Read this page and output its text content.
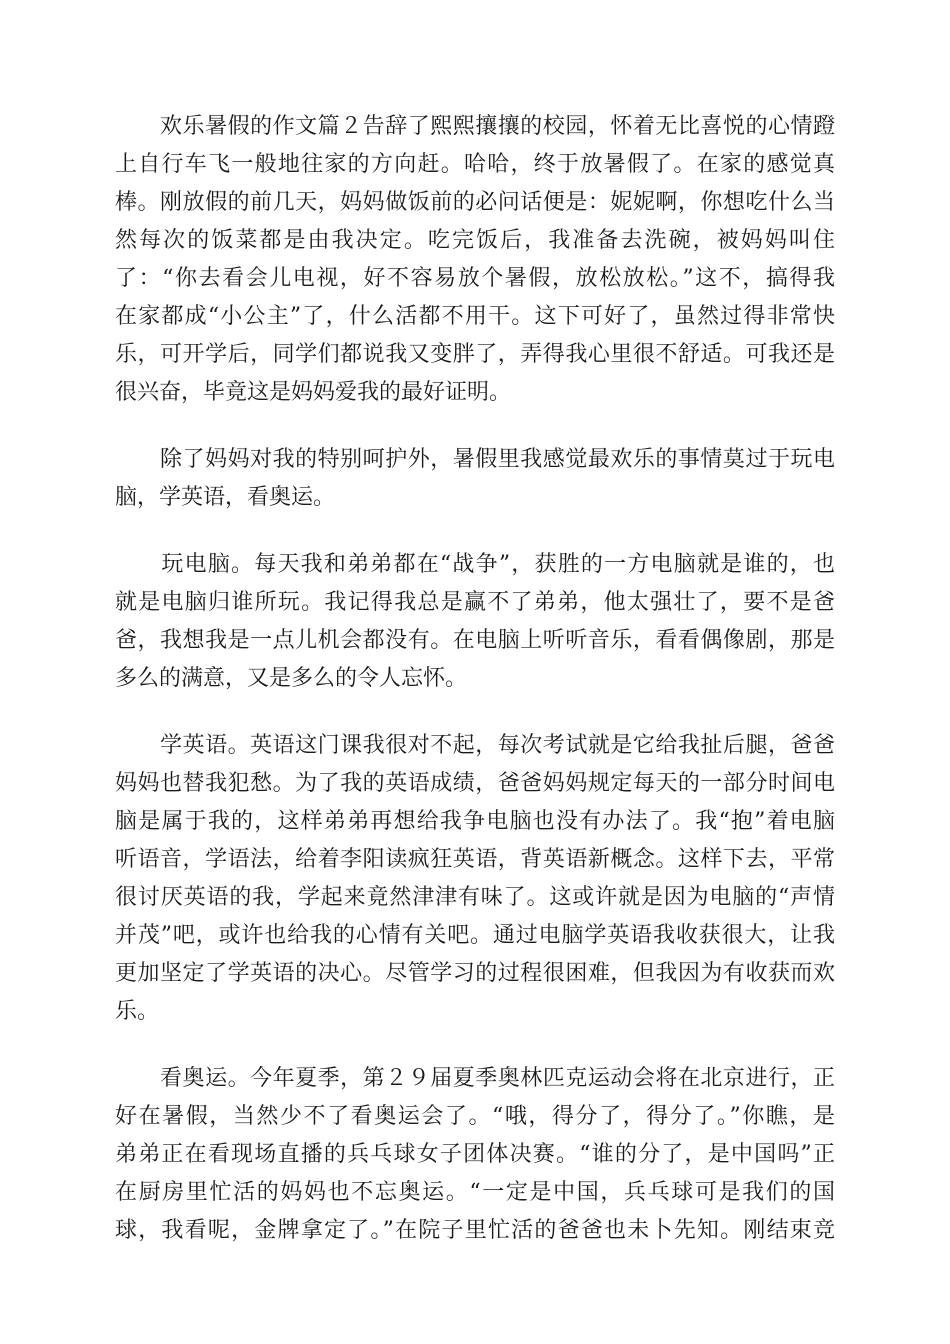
　　欢乐暑假的作文篇２告辞了熙熙攘攘的校园，怀着无比喜悦的心情蹬
上自行车飞一般地往家的方向赶。哈哈，终于放暑假了。在家的感觉真
棒。刚放假的前几天，妈妈做饭前的必问话便是：妮妮啊，你想吃什么当
然每次的饭菜都是由我决定。吃完饭后，我准备去洗碗，被妈妈叫住
了：“你去看会儿电视，好不容易放个暑假，放松放松。”这不，搞得我
在家都成“小公主”了，什么活都不用干。这下可好了，虽然过得非常快
乐，可开学后，同学们都说我又变胖了，弄得我心里很不舒适。可我还是
很兴奋，毕竟这是妈妈爱我的最好证明。
　　除了妈妈对我的特别呵护外，暑假里我感觉最欢乐的事情莫过于玩电
脑，学英语，看奥运。
　　玩电脑。每天我和弟弟都在“战争”，获胜的一方电脑就是谁的，也
就是电脑归谁所玩。我记得我总是赢不了弟弟，他太强壮了，要不是爸
爸，我想我是一点儿机会都没有。在电脑上听听音乐，看看偶像剧，那是
多么的满意，又是多么的令人忘怀。
　　学英语。英语这门课我很对不起，每次考试就是它给我扯后腿，爸爸
妈妈也替我犯愁。为了我的英语成绩，爸爸妈妈规定每天的一部分时间电
脑是属于我的，这样弟弟再想给我争电脑也没有办法了。我“抱”着电脑
听语音，学语法，给着李阳读疯狂英语，背英语新概念。这样下去，平常
很讨厌英语的我，学起来竟然津津有味了。这或许就是因为电脑的“声情
并茂”吧，或许也给我的心情有关吧。通过电脑学英语我收获很大，让我
更加坚定了学英语的决心。尽管学习的过程很困难，但我因为有收获而欢
乐。
　　看奥运。今年夏季，第２９届夏季奥林匹克运动会将在北京进行，正
好在暑假，当然少不了看奥运会了。“哦，得分了，得分了。”你瞧，是
弟弟正在看现场直播的兵乓球女子团体决赛。“谁的分了，是中国吗”正
在厨房里忙活的妈妈也不忘奥运。“一定是中国，兵乓球可是我们的国
球，我看呢，金牌拿定了。”在院子里忙活的爸爸也未卜先知。刚结束竞
